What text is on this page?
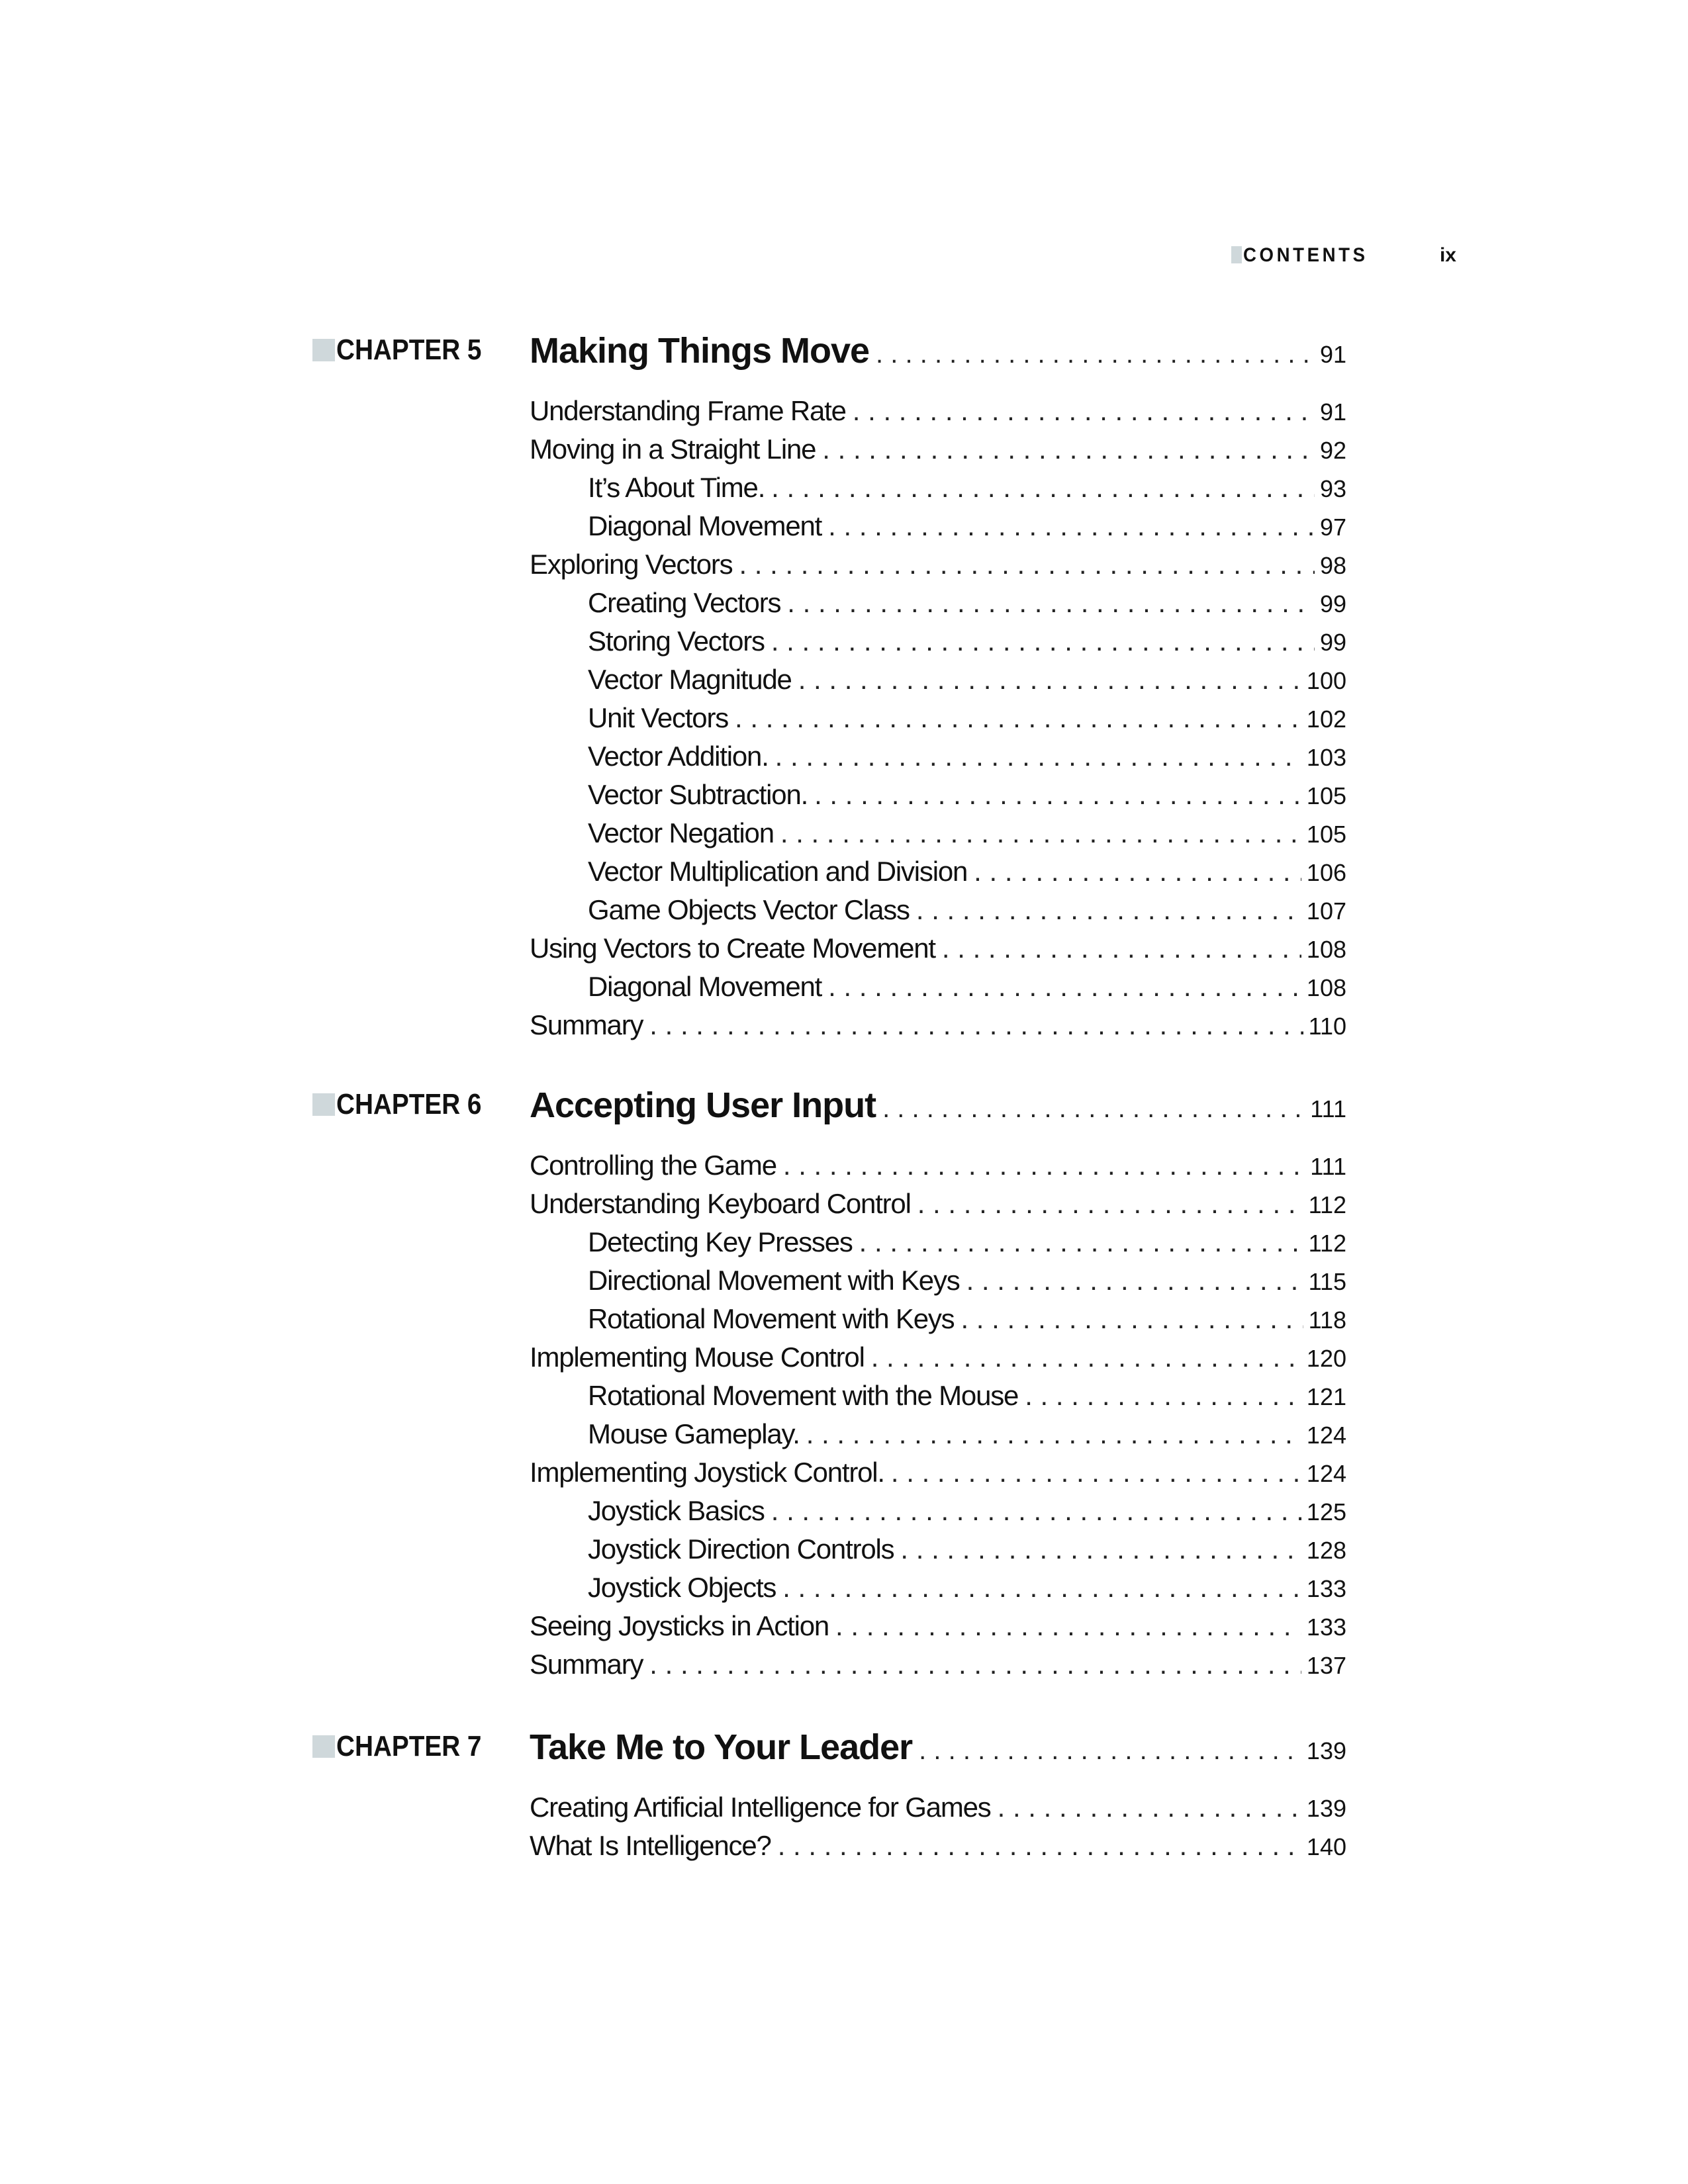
CONTENTS	ix
CHAPTER 5 Making Things Move . . .	91
Understanding Frame Rate . . .	91
Moving in a Straight Line . . .	92
It’s About Time. . . .	93
Diagonal Movement . . .	97
Exploring Vectors . . .	98
Creating Vectors . . .	99
Storing Vectors . . .	99
Vector Magnitude . . .	100
Unit Vectors . . .	102
Vector Addition. . . .	103
Vector Subtraction. . . .	105
Vector Negation . . .	105
Vector Multiplication and Division . . .	106
Game Objects Vector Class . . .	107
Using Vectors to Create Movement . . .	108
Diagonal Movement . . .	108
Summary . . .	110
CHAPTER 6 Accepting User Input . . .	111
Controlling the Game . . .	111
Understanding Keyboard Control . . .	112
Detecting Key Presses . . .	112
Directional Movement with Keys . . .	115
Rotational Movement with Keys . . .	118
Implementing Mouse Control . . .	120
Rotational Movement with the Mouse . . .	121
Mouse Gameplay. . . .	124
Implementing Joystick Control. . . .	124
Joystick Basics . . .	125
Joystick Direction Controls . . .	128
Joystick Objects . . .	133
Seeing Joysticks in Action . . .	133
Summary . . .	137
CHAPTER 7 Take Me to Your Leader . . .	139
Creating Artificial Intelligence for Games . . .	139
What Is Intelligence? . . .	140
